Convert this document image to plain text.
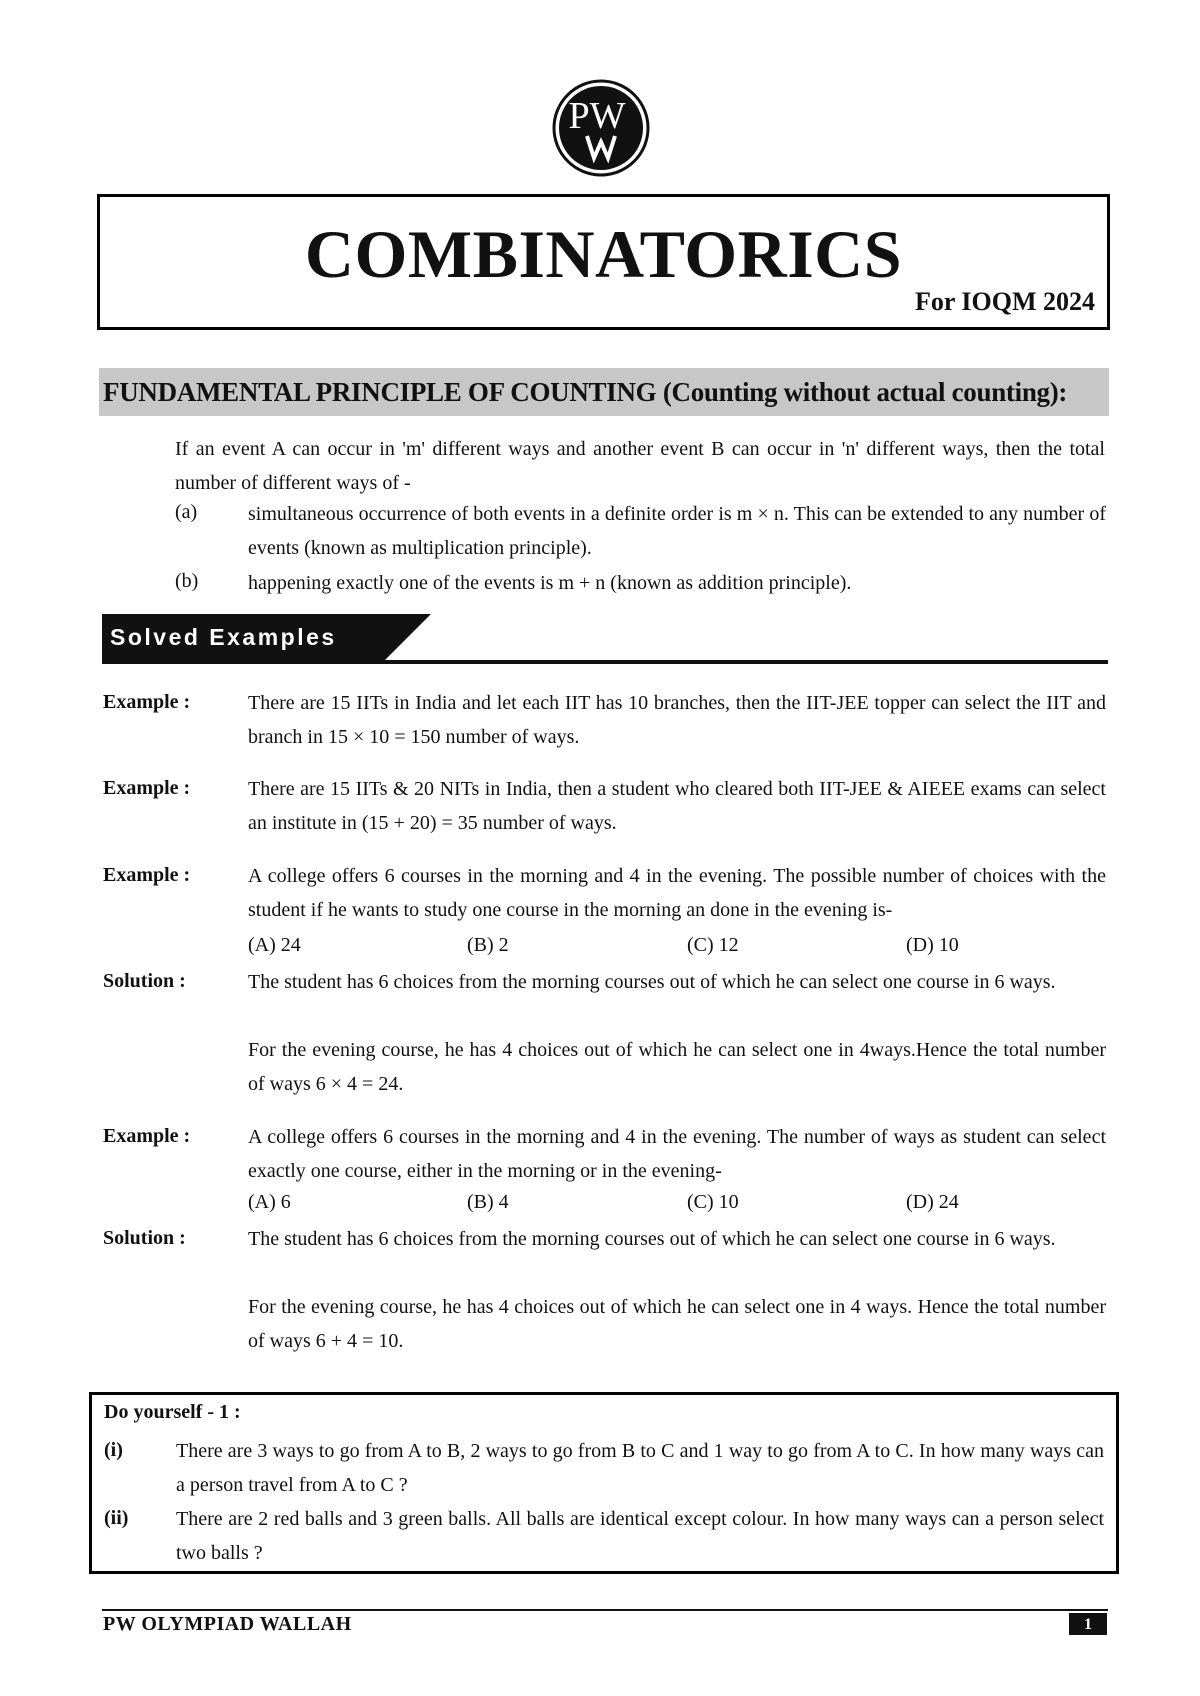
PW
COMBINATORICS
For IOQM 2024
FUNDAMENTAL PRINCIPLE OF COUNTING (Counting without actual counting):
If an event A can occur in 'm' different ways and another event B can occur in 'n' different ways, then the total number of different ways of -
(a)	simultaneous occurrence of both events in a definite order is m × n. This can be extended to any number of events (known as multiplication principle).
(b) happening exactly one of the events is m + n (known as addition principle).
Solved Examples
Example :	There are 15 IITs in India and let each IIT has 10 branches, then the IIT-JEE topper can select the IIT and branch in 15 × 10 = 150 number of ways.
Example :	There are 15 IITs & 20 NITs in India, then a student who cleared both IIT-JEE & AIEEE exams can select an institute in (15 + 20) = 35 number of ways.
Example :	A college offers 6 courses in the morning and 4 in the evening. The possible number of choices with the student if he wants to study one course in the morning an done in the evening is-
(A) 24	(B) 2	(C) 12	(D) 10
Solution :	The student has 6 choices from the morning courses out of which he can select one course in 6 ways.
For the evening course, he has 4 choices out of which he can select one in 4ways.Hence the total number of ways 6 × 4 = 24.
Example :	A college offers 6 courses in the morning and 4 in the evening. The number of ways as student can select exactly one course, either in the morning or in the evening-
(A) 6	(B) 4	(C) 10	(D) 24
Solution :	The student has 6 choices from the morning courses out of which he can select one course in 6 ways.
For the evening course, he has 4 choices out of which he can select one in 4 ways. Hence the total number of ways 6 + 4 = 10.
Do yourself - 1 :
(i)	There are 3 ways to go from A to B, 2 ways to go from B to C and 1 way to go from A to C. In how many ways can a person travel from A to C ?
(ii) There are 2 red balls and 3 green balls. All balls are identical except colour. In how many ways can a person select two balls ?
PW OLYMPIAD WALLAH	1
